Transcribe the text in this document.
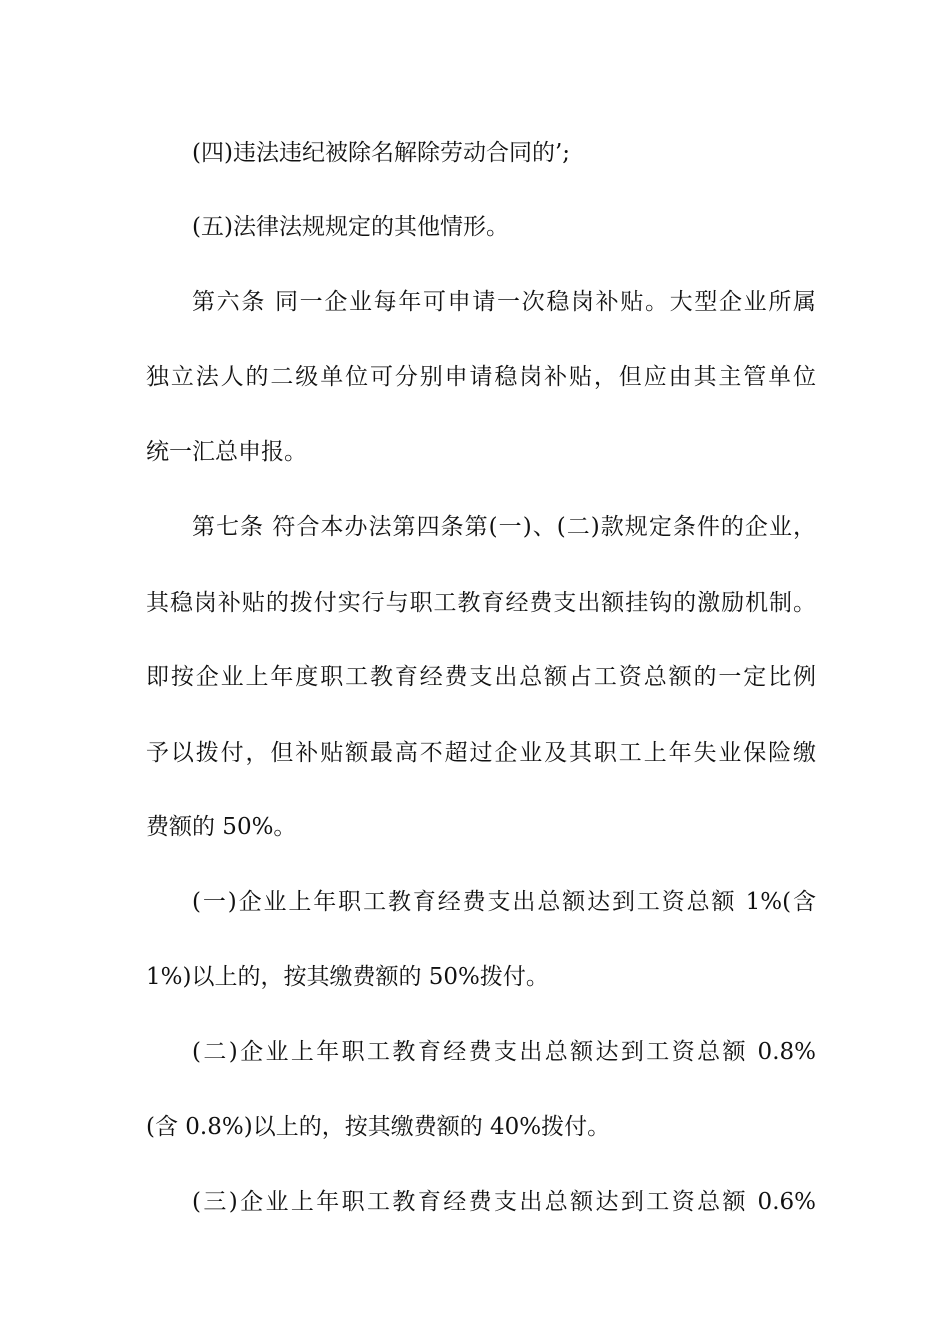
(四)违法违纪被除名解除劳动合同的’;
(五)法律法规规定的其他情形。
第六条 同一企业每年可申请一次稳岗补贴。大型企业所属
独立法人的二级单位可分别申请稳岗补贴，但应由其主管单位
统一汇总申报。
第七条 符合本办法第四条第(一)、(二)款规定条件的企业，
其稳岗补贴的拨付实行与职工教育经费支出额挂钩的激励机制。
即按企业上年度职工教育经费支出总额占工资总额的一定比例
予以拨付，但补贴额最高不超过企业及其职工上年失业保险缴
费额的 50%。
(一)企业上年职工教育经费支出总额达到工资总额 1%(含
1%)以上的，按其缴费额的 50%拨付。
(二)企业上年职工教育经费支出总额达到工资总额 0.8%
(含 0.8%)以上的，按其缴费额的 40%拨付。
(三)企业上年职工教育经费支出总额达到工资总额 0.6%
